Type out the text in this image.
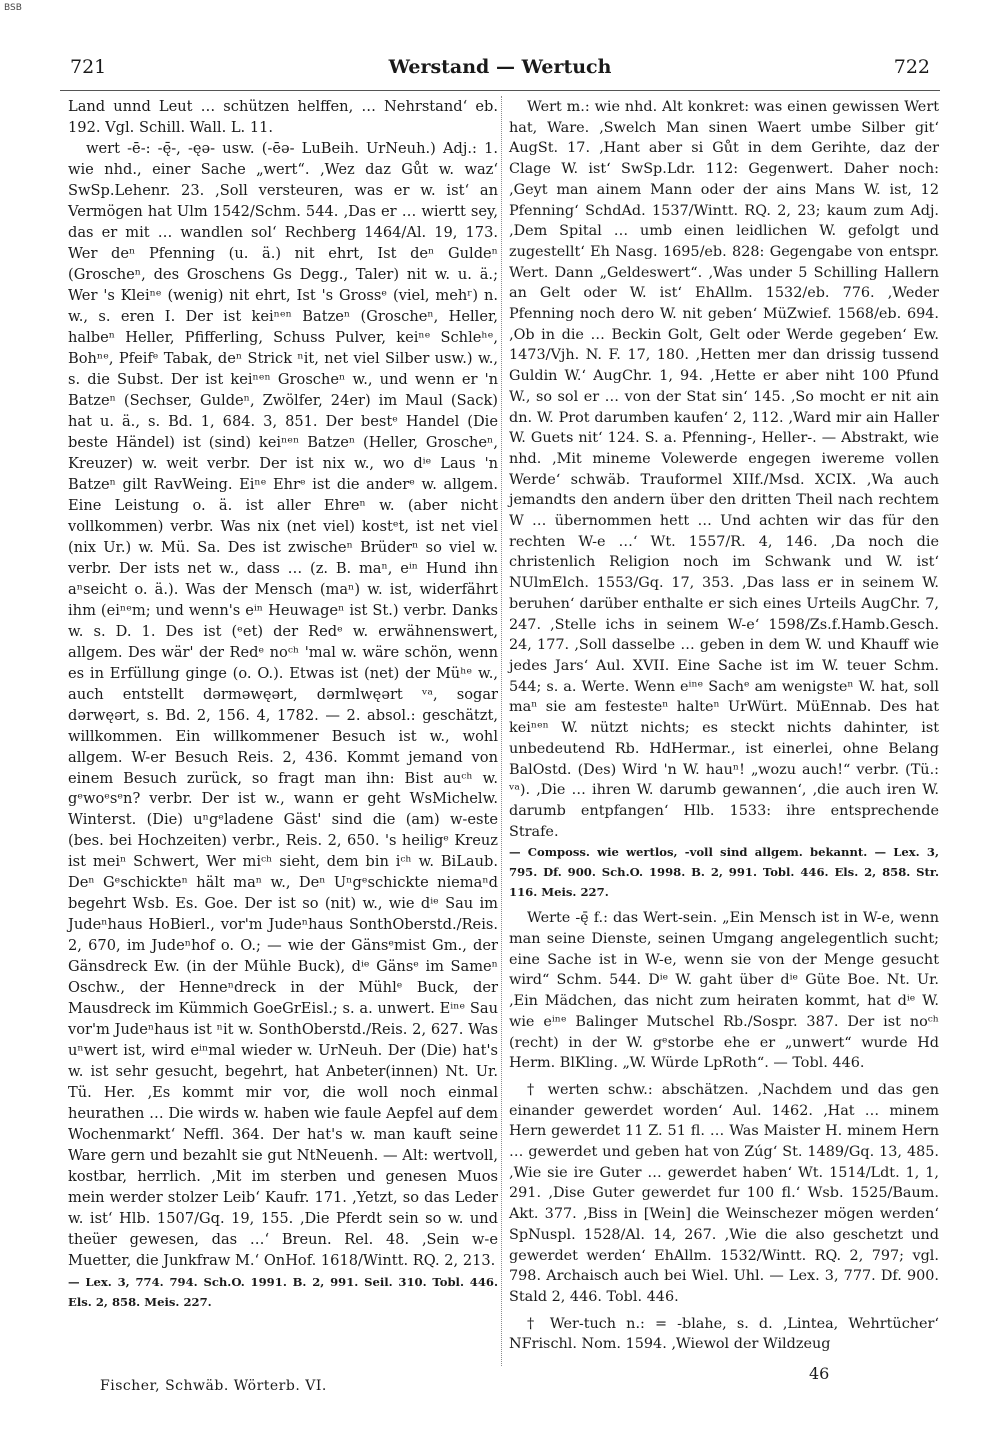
BSB
721	Werstand — Wertuch	722

Land unnd Leut … schützen helffen, … Nehrstand‘ eb. 192. Vgl. Schill. Wall. L. 11.

wert -ē-: -ę̄-, -ęə- usw. (-ēə- LuBeih. UrNeuh.) Adj.: 1. wie nhd., einer Sache „wert“. ‚Wez daz Gůt w. waz‘ SwSp.Lehenr. 23. ‚Soll versteuren, was er w. ist‘ an Vermögen hat Ulm 1542/Schm. 544. ‚Das er … wiertt sey, das er mit … wandlen sol‘ Rechberg 1464/Al. 19, 173. Wer deⁿ Pfenning (u. ä.) nit ehrt, Ist deⁿ Guldeⁿ (Groscheⁿ, des Groschens Gs Degg., Taler) nit w. u. ä.; Wer 's Kleiⁿᵉ (wenig) nit ehrt, Ist 's Grossᵉ (viel, mehʳ) n. w., s. eren I. Der ist keiⁿᵉⁿ Batzeⁿ (Groscheⁿ, Heller, halbeⁿ Heller, Pfifferling, Schuss Pulver, keiⁿᵉ Schleʰᵉ, Bohⁿᵉ, Pfeifᵉ Tabak, deⁿ Strick ⁿit, net viel Silber usw.) w., s. die Subst. Der ist keiⁿᵉⁿ Groscheⁿ w., und wenn er 'n Batzeⁿ (Sechser, Guldeⁿ, Zwölfer, 24er) im Maul (Sack) hat u. ä., s. Bd. 1, 684. 3, 851. Der bestᵉ Handel (Die beste Händel) ist (sind) keiⁿᵉⁿ Batzeⁿ (Heller, Groscheⁿ, Kreuzer) w. weit verbr. Der ist nix w., wo dⁱᵉ Laus 'n Batzeⁿ gilt RavWeing. Eiⁿᵉ Ehrᵉ ist die anderᵉ w. allgem. Eine Leistung o. ä. ist aller Ehreⁿ w. (aber nicht vollkommen) verbr. Was nix (net viel) kostᵉt, ist net viel (nix Ur.) w. Mü. Sa. Des ist zwischeⁿ Brüderⁿ so viel w. verbr. Der ists net w., dass … (z. B. maⁿ, eⁱⁿ Hund ihn aⁿseicht o. ä.). Was der Mensch (maⁿ) w. ist, widerfährt ihm (eiⁿᵉm; und wenn's eⁱⁿ Heuwageⁿ ist St.) verbr. Danks w. s. D. 1. Des ist (ᵉet) der Redᵉ w. erwähnenswert, allgem. Des wär' der Redᵉ noᶜʰ 'mal w. wäre schön, wenn es in Erfüllung ginge (o. O.). Etwas ist (net) der Müʰᵉ w., auch entstellt dərməwęərt, dərmlwęərt ᵛᵃ, sogar dərwęərt, s. Bd. 2, 156. 4, 1782. — 2. absol.: geschätzt, willkommen. Ein willkommener Besuch ist w., wohl allgem. W-er Besuch Reis. 2, 436. Kommt jemand von einem Besuch zurück, so fragt man ihn: Bist auᶜʰ w. gᵉwoᵉsᵉn? verbr. Der ist w., wann er geht WsMichelw. Winterst. (Die) uⁿgᵉladene Gäst' sind die (am) w-este (bes. bei Hochzeiten) verbr., Reis. 2, 650. 's heiligᵉ Kreuz ist meiⁿ Schwert, Wer miᶜʰ sieht, dem bin iᶜʰ w. BiLaub. Deⁿ Gᵉschickteⁿ hält maⁿ w., Deⁿ Uⁿgᵉschickte niemaⁿd begehrt Wsb. Es. Goe. Der ist so (nit) w., wie dⁱᵉ Sau im Judeⁿhaus HoBierl., vor'm Judeⁿhaus SonthOberstd./Reis. 2, 670, im Judeⁿhof o. O.; — wie der Gänsᵉmist Gm., der Gänsdreck Ew. (in der Mühle Buck), dⁱᵉ Gänsᵉ im Sameⁿ Oschw., der Henneⁿdreck in der Mühlᵉ Buck, der Mausdreck im Kümmich GoeGrEisl.; s. a. unwert. Eⁱⁿᵉ Sau vor'm Judeⁿhaus ist ⁿit w. SonthOberstd./Reis. 2, 627. Was uⁿwert ist, wird eⁱⁿmal wieder w. UrNeuh. Der (Die) hat's w. ist sehr gesucht, begehrt, hat Anbeter(innen) Nt. Ur. Tü. Her. ‚Es kommt mir vor, die woll noch einmal heurathen … Die wirds w. haben wie faule Aepfel auf dem Wochenmarkt‘ Neffl. 364. Der hat's w. man kauft seine Ware gern und bezahlt sie gut NtNeuenh. — Alt: wertvoll, kostbar, herrlich. ‚Mit im sterben und genesen Muos mein werder stolzer Leib‘ Kaufr. 171. ‚Yetzt, so das Leder w. ist‘ Hlb. 1507/Gq. 19, 155. ‚Die Pferdt sein so w. und theüer gewesen, das …‘ Breun. Rel. 48. ‚Sein w-e Muetter, die Junkfraw M.‘ OnHof. 1618/Wintt. RQ. 2, 213.

— Lex. 3, 774. 794. Sch.O. 1991. B. 2, 991. Seil. 310. Tobl. 446. Els. 2, 858. Meis. 227.

Wert m.: wie nhd. Alt konkret: was einen gewissen Wert hat, Ware. ‚Swelch Man sinen Waert umbe Silber git‘ AugSt. 17. ‚Hant aber si Gůt in dem Gerihte, daz der Clage W. ist‘ SwSp.Ldr. 112: Gegenwert. Daher noch: ‚Geyt man ainem Mann oder der ains Mans W. ist, 12 Pfenning‘ SchdAd. 1537/Wintt. RQ. 2, 23; kaum zum Adj. ‚Dem Spital … umb einen leidlichen W. gefolgt und zugestellt‘ Eh Nasg. 1695/eb. 828: Gegengabe von entspr. Wert. Dann „Geldeswert“. ‚Was under 5 Schilling Hallern an Gelt oder W. ist‘ EhAllm. 1532/eb. 776. ‚Weder Pfenning noch dero W. nit geben‘ MüZwief. 1568/eb. 694. ‚Ob in die … Beckin Golt, Gelt oder Werde gegeben‘ Ew. 1473/Vjh. N. F. 17, 180. ‚Hetten mer dan drissig tussend Guldin W.‘ AugChr. 1, 94. ‚Hette er aber niht 100 Pfund W., so sol er … von der Stat sin‘ 145. ‚So mocht er nit ain dn. W. Prot darumben kaufen‘ 2, 112. ‚Ward mir ain Haller W. Guets nit‘ 124. S. a. Pfenning-, Heller-. — Abstrakt, wie nhd. ‚Mit mineme Volewerde engegen iwereme vollen Werde‘ schwäb. Trauformel XIIf./Msd. XCIX. ‚Wa auch jemandts den andern über den dritten Theil nach rechtem W … übernommen hett … Und achten wir das für den rechten W-e …‘ Wt. 1557/R. 4, 146. ‚Da noch die christenlich Religion noch im Schwank und W. ist‘ NUlmElch. 1553/Gq. 17, 353. ‚Das lass er in seinem W. beruhen‘ darüber enthalte er sich eines Urteils AugChr. 7, 247. ‚Stelle ichs in seinem W-e‘ 1598/Zs.f.Hamb.Gesch. 24, 177. ‚Soll dasselbe … geben in dem W. und Khauff wie jedes Jars‘ Aul. XVII. Eine Sache ist im W. teuer Schm. 544; s. a. Werte. Wenn eⁱⁿᵉ Sachᵉ am wenigsteⁿ W. hat, soll maⁿ sie am festesteⁿ halteⁿ UrWürt. MüEnnab. Des hat keiⁿᵉⁿ W. nützt nichts; es steckt nichts dahinter, ist unbedeutend Rb. HdHermar., ist einerlei, ohne Belang BalOstd. (Des) Wird 'n W. hauⁿ! „wozu auch!“ verbr. (Tü.: ᵛᵃ). ‚Die … ihren W. darumb gewannen‘, ‚die auch iren W. darumb entpfangen‘ Hlb. 1533: ihre entsprechende Strafe.

— Composs. wie wertlos, -voll sind allgem. bekannt. — Lex. 3, 795. Df. 900. Sch.O. 1998. B. 2, 991. Tobl. 446. Els. 2, 858. Str. 116. Meis. 227.

Werte -ę̄ f.: das Wert-sein. „Ein Mensch ist in W-e, wenn man seine Dienste, seinen Umgang angelegentlich sucht; eine Sache ist in W-e, wenn sie von der Menge gesucht wird“ Schm. 544. Dⁱᵉ W. gaht über dⁱᵉ Güte Boe. Nt. Ur. ‚Ein Mädchen, das nicht zum heiraten kommt, hat dⁱᵉ W. wie eⁱⁿᵉ Balinger Mutschel Rb./Sospr. 387. Der ist noᶜʰ (recht) in der W. gᵉstorbe ehe er „unwert“ wurde Hd Herm. BlKling. „W. Würde LpRoth“. — Tobl. 446.

† werten schw.: abschätzen. ‚Nachdem und das gen einander gewerdet worden‘ Aul. 1462. ‚Hat … minem Hern gewerdet 11 Z. 51 fl. … Was Maister H. minem Hern … gewerdet und geben hat von Zúg‘ St. 1489/Gq. 13, 485. ‚Wie sie ire Guter … gewerdet haben‘ Wt. 1514/Ldt. 1, 1, 291. ‚Dise Guter gewerdet fur 100 fl.‘ Wsb. 1525/Baum. Akt. 377. ‚Biss in [Wein] die Weinschezer mögen werden‘ SpNuspl. 1528/Al. 14, 267. ‚Wie die also geschetzt und gewerdet werden‘ EhAllm. 1532/Wintt. RQ. 2, 797; vgl. 798. Archaisch auch bei Wiel. Uhl. — Lex. 3, 777. Df. 900. Stald 2, 446. Tobl. 446.

† Wer-tuch n.: = -blahe, s. d. ‚Lintea, Wehrtücher‘ NFrischl. Nom. 1594. ‚Wiewol der Wildzeug

Fischer, Schwäb. Wörterb. VI.
46
